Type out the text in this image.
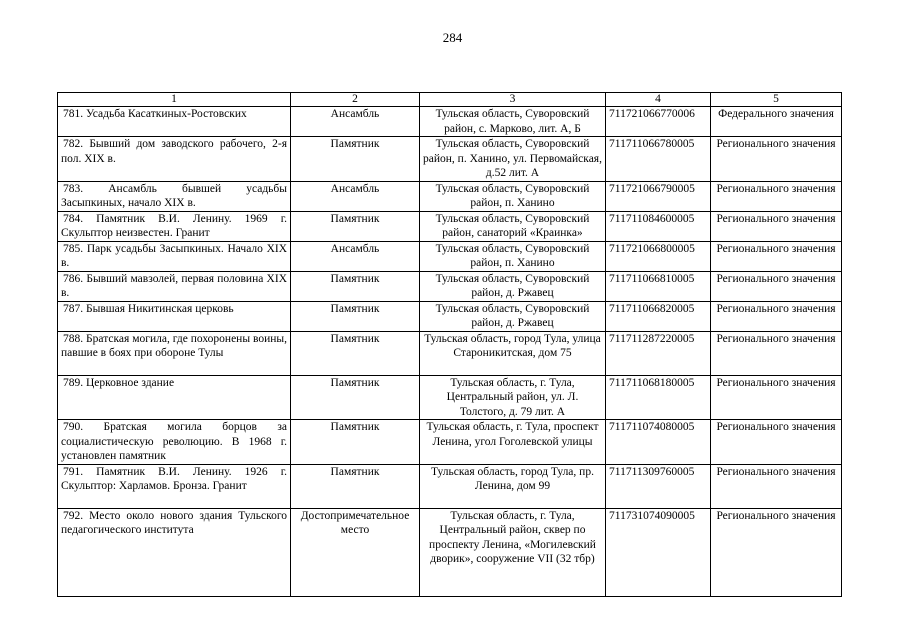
284
1	2	3	4	5
781. Усадьба Касаткиных-Ростовских	Ансамбль	Тульская область, Суворовский район, с. Марково, лит. А, Б	711721066770006	Федерального значения
782. Бывший дом заводского рабочего, 2-я пол. XIX в.	Памятник	Тульская область, Суворовский район, п. Ханино, ул. Первомайская, д.52 лит. А	711711066780005	Регионального значения
783. Ансамбль бывшей усадьбы Засыпкиных, начало XIX в.	Ансамбль	Тульская область, Суворовский район, п. Ханино	711721066790005	Регионального значения
784. Памятник В.И. Ленину. 1969 г. Скульптор неизвестен. Гранит	Памятник	Тульская область, Суворовский район, санаторий «Краинка»	711711084600005	Регионального значения
785. Парк усадьбы Засыпкиных. Начало XIX в.	Ансамбль	Тульская область, Суворовский район, п. Ханино	711721066800005	Регионального значения
786. Бывший мавзолей, первая половина XIX в.	Памятник	Тульская область, Суворовский район, д. Ржавец	711711066810005	Регионального значения
787. Бывшая Никитинская церковь	Памятник	Тульская область, Суворовский район, д. Ржавец	711711066820005	Регионального значения
788. Братская могила, где похоронены воины, павшие в боях при обороне Тулы	Памятник	Тульская область, город Тула, улица Староникитская, дом 75	711711287220005	Регионального значения
789. Церковное здание	Памятник	Тульская область, г. Тула, Центральный район, ул. Л. Толстого, д. 79 лит. А	711711068180005	Регионального значения
790. Братская могила борцов за социалистическую революцию. В 1968 г. установлен памятник	Памятник	Тульская область, г. Тула, проспект Ленина, угол Гоголевской улицы	711711074080005	Регионального значения
791. Памятник В.И. Ленину. 1926 г. Скульптор: Харламов. Бронза. Гранит	Памятник	Тульская область, город Тула, пр. Ленина, дом 99	711711309760005	Регионального значения
792. Место около нового здания Тульского педагогического института	Достопримечательное место	Тульская область, г. Тула, Центральный район, сквер по проспекту Ленина, «Могилевский дворик», сооружение VII (32 тбр)	711731074090005	Регионального значения
